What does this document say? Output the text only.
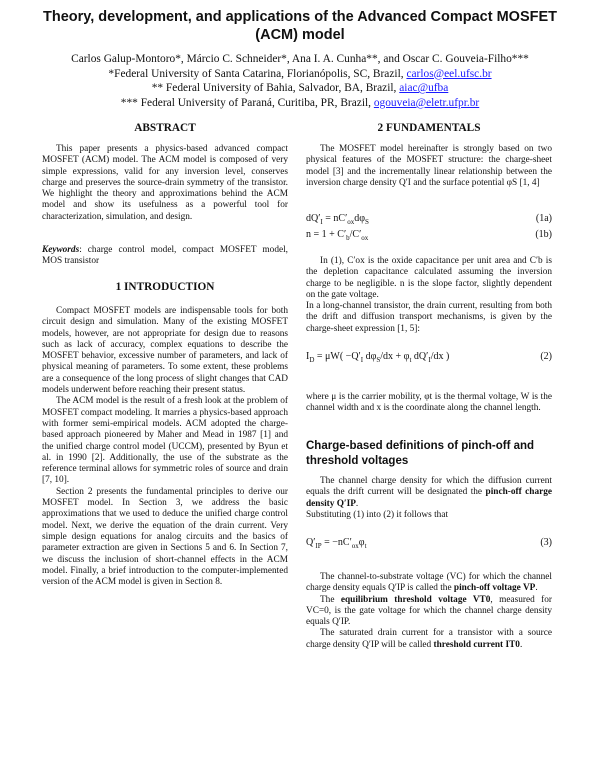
Theory, development, and applications of the Advanced Compact MOSFET (ACM) model
Carlos Galup-Montoro*, Márcio C. Schneider*, Ana I. A. Cunha**, and Oscar C. Gouveia-Filho***
*Federal University of Santa Catarina, Florianópolis, SC, Brazil, carlos@eel.ufsc.br
** Federal University of Bahia, Salvador, BA, Brazil, aiac@ufba
*** Federal University of Paraná, Curitiba, PR, Brazil, ogouveia@eletr.ufpr.br
ABSTRACT

This paper presents a physics-based advanced compact MOSFET (ACM) model. The ACM model is composed of very simple expressions, valid for any inversion level, conserves charge and preserves the source-drain symmetry of the transistor. We highlight the theory and approximations behind the ACM model and show its usefulness as a powerful tool for characterization, simulation, and design.

Keywords: charge control model, compact MOSFET model, MOS transistor
1 INTRODUCTION

Compact MOSFET models are indispensable tools for both circuit design and simulation. Many of the existing MOSFET models, however, are not appropriate for design due to reasons such as lack of accuracy, complex equations to describe the MOSFET behavior, excessive number of parameters, and lack of physical meaning of parameters. To some extent, these problems are a consequence of the long process of slight changes that CAD models underwent before reaching their present status.

The ACM model is the result of a fresh look at the problem of MOSFET compact modeling. It marries a physics-based approach with former semi-empirical models. ACM adopted the charge-based approach pioneered by Maher and Mead in 1987 [1] and the unified charge control model (UCCM), presented by Byun et al. in 1990 [2]. Additionally, the use of the substrate as the reference terminal allows for symmetric roles of source and drain [7, 10].

Section 2 presents the fundamental principles to derive our MOSFET model. In Section 3, we address the basic approximations that we used to deduce the unified charge control model. Next, we derive the equation of the drain current. Very simple design equations for analog circuits and the basics of parameter extraction are given in Sections 5 and 6. In Section 7, we discuss the inclusion of short-channel effects in the ACM model. Finally, a brief introduction to the computer-implemented version of the ACM model is given in Section 8.

2 FUNDAMENTALS

The MOSFET model hereinafter is strongly based on two physical features of the MOSFET structure: the charge-sheet model [3] and the incrementally linear relationship between the inversion charge density Q′I and the surface potential φS [1, 4]

$dQ'_I = nC'_{ox}d\varphi_S$	(1a)
$n = 1 + C'_b/C'_{ox}$	(1b)

In (1), C′ox is the oxide capacitance per unit area and C′b is the depletion capacitance calculated assuming the inversion charge to be negligible. n is the slope factor, slightly dependent on the gate voltage.

In a long-channel transistor, the drain current, resulting from both the drift and diffusion transport mechanisms, is given by the charge-sheet expression [1, 5]:

$I_D = \mu W( -Q'_I$ $d\varphi_S/dx + \varphi_t$ $dQ'_I/dx$ )	(2)

where μ is the carrier mobility, φt is the thermal voltage, W is the channel width and x is the coordinate along the channel length.

Charge-based definitions of pinch-off and threshold voltages

The channel charge density for which the diffusion current equals the drift current will be designated the pinch-off charge density Q′IP.

Substituting (1) into (2) it follows that

$Q'_{IP} = -nC'_{ox}\varphi_t$	(3)

The channel-to-substrate voltage (VC) for which the channel charge density equals Q′IP is called the pinch-off voltage VP.

The equilibrium threshold voltage VT0, measured for VC=0, is the gate voltage for which the channel charge density equals Q′IP.

The saturated drain current for a transistor with a source charge density Q′IP will be called threshold current IT0.
